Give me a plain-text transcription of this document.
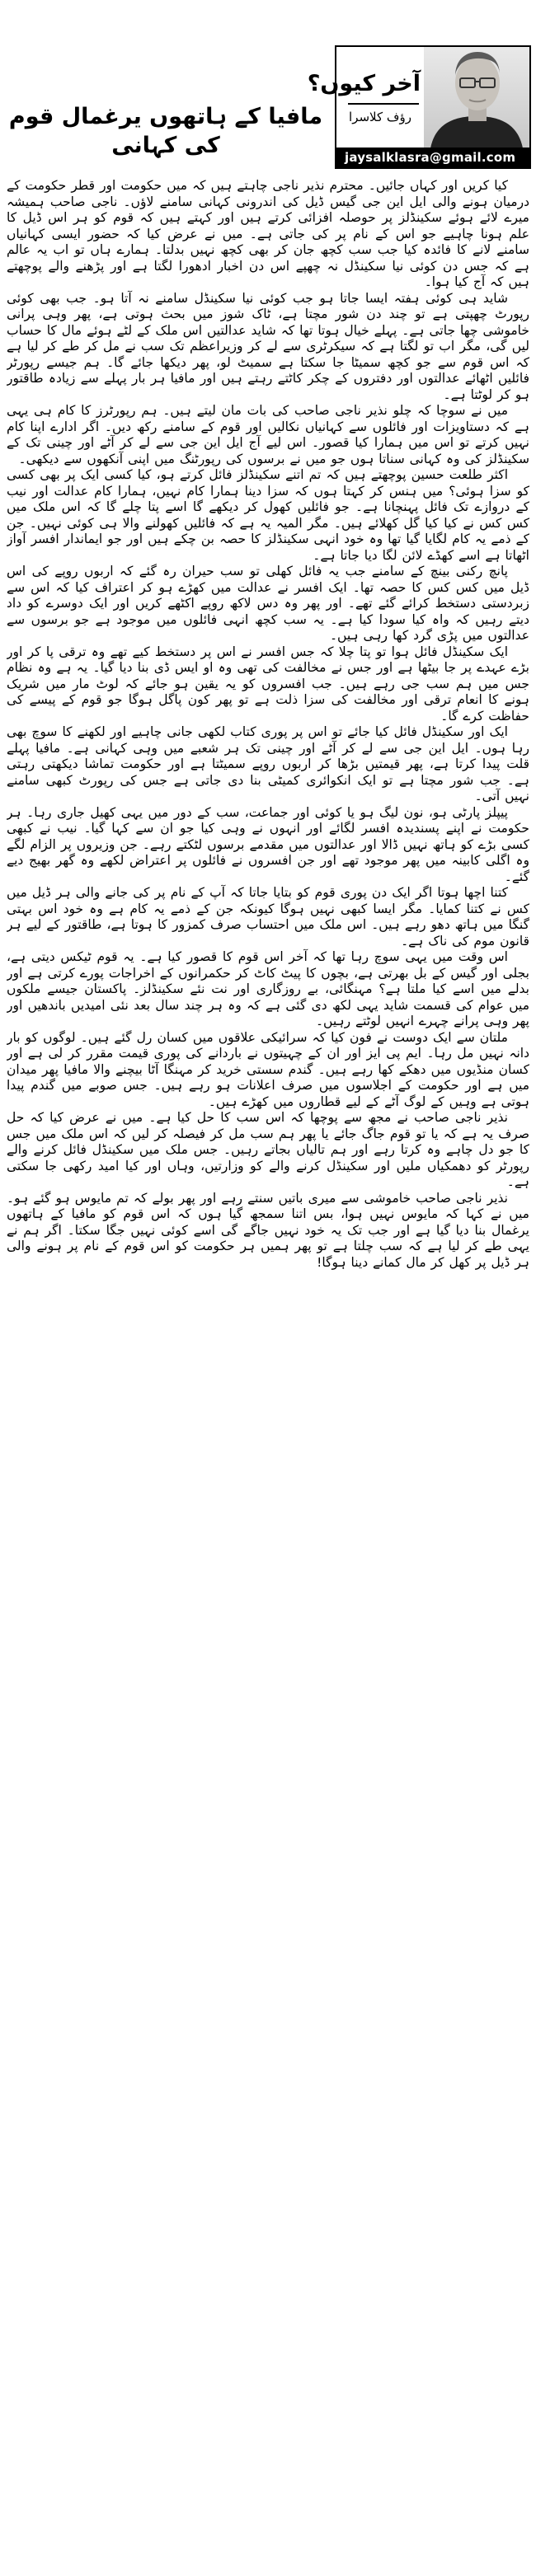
مافیا کے ہاتھوں یرغمال قوم کی کہانی
آخر کیوں؟
رؤف کلاسرا
jaysalklasra@gmail.com

کیا کریں اور کہاں جائیں۔ محترم نذیر ناجی چاہتے ہیں کہ میں حکومت اور قطر حکومت کے درمیان ہونے والی ایل این جی گیس ڈیل کی اندرونی کہانی سامنے لاؤں۔ ناجی صاحب ہمیشہ میرے لائے ہوئے سکینڈلز پر حوصلہ افزائی کرتے ہیں اور کہتے ہیں کہ قوم کو ہر اس ڈیل کا علم ہونا چاہیے جو اس کے نام پر کی جاتی ہے۔ میں نے عرض کیا کہ حضور ایسی کہانیاں سامنے لانے کا فائدہ کیا جب سب کچھ جان کر بھی کچھ نہیں بدلتا۔ ہمارے ہاں تو اب یہ عالم ہے کہ جس دن کوئی نیا سکینڈل نہ چھپے اس دن اخبار ادھورا لگتا ہے اور پڑھنے والے پوچھتے ہیں کہ آج کیا ہوا۔

شاید ہی کوئی ہفتہ ایسا جاتا ہو جب کوئی نیا سکینڈل سامنے نہ آتا ہو۔ جب بھی کوئی رپورٹ چھپتی ہے تو چند دن شور مچتا ہے، ٹاک شوز میں بحث ہوتی ہے، پھر وہی پرانی خاموشی چھا جاتی ہے۔ پہلے خیال ہوتا تھا کہ شاید عدالتیں اس ملک کے لٹے ہوئے مال کا حساب لیں گی، مگر اب تو لگتا ہے کہ سیکرٹری سے لے کر وزیراعظم تک سب نے مل کر طے کر لیا ہے کہ اس قوم سے جو کچھ سمیٹا جا سکتا ہے سمیٹ لو، پھر دیکھا جائے گا۔ ہم جیسے رپورٹر فائلیں اٹھائے عدالتوں اور دفتروں کے چکر کاٹتے رہتے ہیں اور مافیا ہر بار پہلے سے زیادہ طاقتور ہو کر لوٹتا ہے۔

میں نے سوچا کہ چلو نذیر ناجی صاحب کی بات مان لیتے ہیں۔ ہم رپورٹرز کا کام ہی یہی ہے کہ دستاویزات اور فائلوں سے کہانیاں نکالیں اور قوم کے سامنے رکھ دیں۔ اگر ادارے اپنا کام نہیں کرتے تو اس میں ہمارا کیا قصور۔ اس لیے آج ایل این جی سے لے کر آٹے اور چینی تک کے سکینڈلز کی وہ کہانی سناتا ہوں جو میں نے برسوں کی رپورٹنگ میں اپنی آنکھوں سے دیکھی۔

اکثر طلعت حسین پوچھتے ہیں کہ تم اتنے سکینڈلز فائل کرتے ہو، کیا کسی ایک پر بھی کسی کو سزا ہوئی؟ میں ہنس کر کہتا ہوں کہ سزا دینا ہمارا کام نہیں، ہمارا کام عدالت اور نیب کے دروازے تک فائل پہنچانا ہے۔ جو فائلیں کھول کر دیکھے گا اسے پتا چلے گا کہ اس ملک میں کس کس نے کیا کیا گل کھلائے ہیں۔ مگر المیہ یہ ہے کہ فائلیں کھولنے والا ہی کوئی نہیں۔ جن کے ذمے یہ کام لگایا گیا تھا وہ خود انہی سکینڈلز کا حصہ بن چکے ہیں اور جو ایماندار افسر آواز اٹھاتا ہے اسے کھڈے لائن لگا دیا جاتا ہے۔

پانچ رکنی بینچ کے سامنے جب یہ فائل کھلی تو سب حیران رہ گئے کہ اربوں روپے کی اس ڈیل میں کس کس کا حصہ تھا۔ ایک افسر نے عدالت میں کھڑے ہو کر اعتراف کیا کہ اس سے زبردستی دستخط کرائے گئے تھے۔ اور پھر وہ دس لاکھ روپے اکٹھے کریں اور ایک دوسرے کو داد دیتے رہیں کہ واہ کیا سودا کیا ہے۔ یہ سب کچھ انہی فائلوں میں موجود ہے جو برسوں سے عدالتوں میں پڑی گرد کھا رہی ہیں۔

ایک سکینڈل فائل ہوا تو پتا چلا کہ جس افسر نے اس پر دستخط کیے تھے وہ ترقی پا کر اور بڑے عہدے پر جا بیٹھا ہے اور جس نے مخالفت کی تھی وہ او ایس ڈی بنا دیا گیا۔ یہ ہے وہ نظام جس میں ہم سب جی رہے ہیں۔ جب افسروں کو یہ یقین ہو جائے کہ لوٹ مار میں شریک ہونے کا انعام ترقی اور مخالفت کی سزا ذلت ہے تو پھر کون پاگل ہوگا جو قوم کے پیسے کی حفاظت کرے گا۔

ایک اور سکینڈل فائل کیا جائے تو اس پر پوری کتاب لکھی جانی چاہیے اور لکھنے کا سوچ بھی رہا ہوں۔ ایل این جی سے لے کر آٹے اور چینی تک ہر شعبے میں وہی کہانی ہے۔ مافیا پہلے قلت پیدا کرتا ہے، پھر قیمتیں بڑھا کر اربوں روپے سمیٹتا ہے اور حکومت تماشا دیکھتی رہتی ہے۔ جب شور مچتا ہے تو ایک انکوائری کمیٹی بنا دی جاتی ہے جس کی رپورٹ کبھی سامنے نہیں آتی۔

پیپلز پارٹی ہو، نون لیگ ہو یا کوئی اور جماعت، سب کے دور میں یہی کھیل جاری رہا۔ ہر حکومت نے اپنے پسندیدہ افسر لگائے اور انہوں نے وہی کیا جو ان سے کہا گیا۔ نیب نے کبھی کسی بڑے کو ہاتھ نہیں ڈالا اور عدالتوں میں مقدمے برسوں لٹکتے رہے۔ جن وزیروں پر الزام لگے وہ اگلی کابینہ میں پھر موجود تھے اور جن افسروں نے فائلوں پر اعتراض لکھے وہ گھر بھیج دیے گئے۔

کتنا اچھا ہوتا اگر ایک دن پوری قوم کو بتایا جاتا کہ آپ کے نام پر کی جانے والی ہر ڈیل میں کس نے کتنا کمایا۔ مگر ایسا کبھی نہیں ہوگا کیونکہ جن کے ذمے یہ کام ہے وہ خود اس بہتی گنگا میں ہاتھ دھو رہے ہیں۔ اس ملک میں احتساب صرف کمزور کا ہوتا ہے، طاقتور کے لیے ہر قانون موم کی ناک ہے۔

اس وقت میں یہی سوچ رہا تھا کہ آخر اس قوم کا قصور کیا ہے۔ یہ قوم ٹیکس دیتی ہے، بجلی اور گیس کے بل بھرتی ہے، بچوں کا پیٹ کاٹ کر حکمرانوں کے اخراجات پورے کرتی ہے اور بدلے میں اسے کیا ملتا ہے؟ مہنگائی، بے روزگاری اور نت نئے سکینڈلز۔ پاکستان جیسے ملکوں میں عوام کی قسمت شاید یہی لکھ دی گئی ہے کہ وہ ہر چند سال بعد نئی امیدیں باندھیں اور پھر وہی پرانے چہرے انہیں لوٹتے رہیں۔

ملتان سے ایک دوست نے فون کیا کہ سرائیکی علاقوں میں کسان رل گئے ہیں۔ لوگوں کو بار دانہ نہیں مل رہا۔ ایم پی ایز اور ان کے چہیتوں نے باردانے کی پوری قیمت مقرر کر لی ہے اور کسان منڈیوں میں دھکے کھا رہے ہیں۔ گندم سستی خرید کر مہنگا آٹا بیچنے والا مافیا پھر میدان میں ہے اور حکومت کے اجلاسوں میں صرف اعلانات ہو رہے ہیں۔ جس صوبے میں گندم پیدا ہوتی ہے وہیں کے لوگ آٹے کے لیے قطاروں میں کھڑے ہیں۔

نذیر ناجی صاحب نے مجھ سے پوچھا کہ اس سب کا حل کیا ہے۔ میں نے عرض کیا کہ حل صرف یہ ہے کہ یا تو قوم جاگ جائے یا پھر ہم سب مل کر فیصلہ کر لیں کہ اس ملک میں جس کا جو دل چاہے وہ کرتا رہے اور ہم تالیاں بجاتے رہیں۔ جس ملک میں سکینڈل فائل کرنے والے رپورٹر کو دھمکیاں ملیں اور سکینڈل کرنے والے کو وزارتیں، وہاں اور کیا امید رکھی جا سکتی ہے۔

نذیر ناجی صاحب خاموشی سے میری باتیں سنتے رہے اور پھر بولے کہ تم مایوس ہو گئے ہو۔ میں نے کہا کہ مایوس نہیں ہوا، بس اتنا سمجھ گیا ہوں کہ اس قوم کو مافیا کے ہاتھوں یرغمال بنا دیا گیا ہے اور جب تک یہ خود نہیں جاگے گی اسے کوئی نہیں جگا سکتا۔ اگر ہم نے یہی طے کر لیا ہے کہ سب چلتا ہے تو پھر ہمیں ہر حکومت کو اس قوم کے نام پر ہونے والی ہر ڈیل پر کھل کر مال کمانے دینا ہوگا!
